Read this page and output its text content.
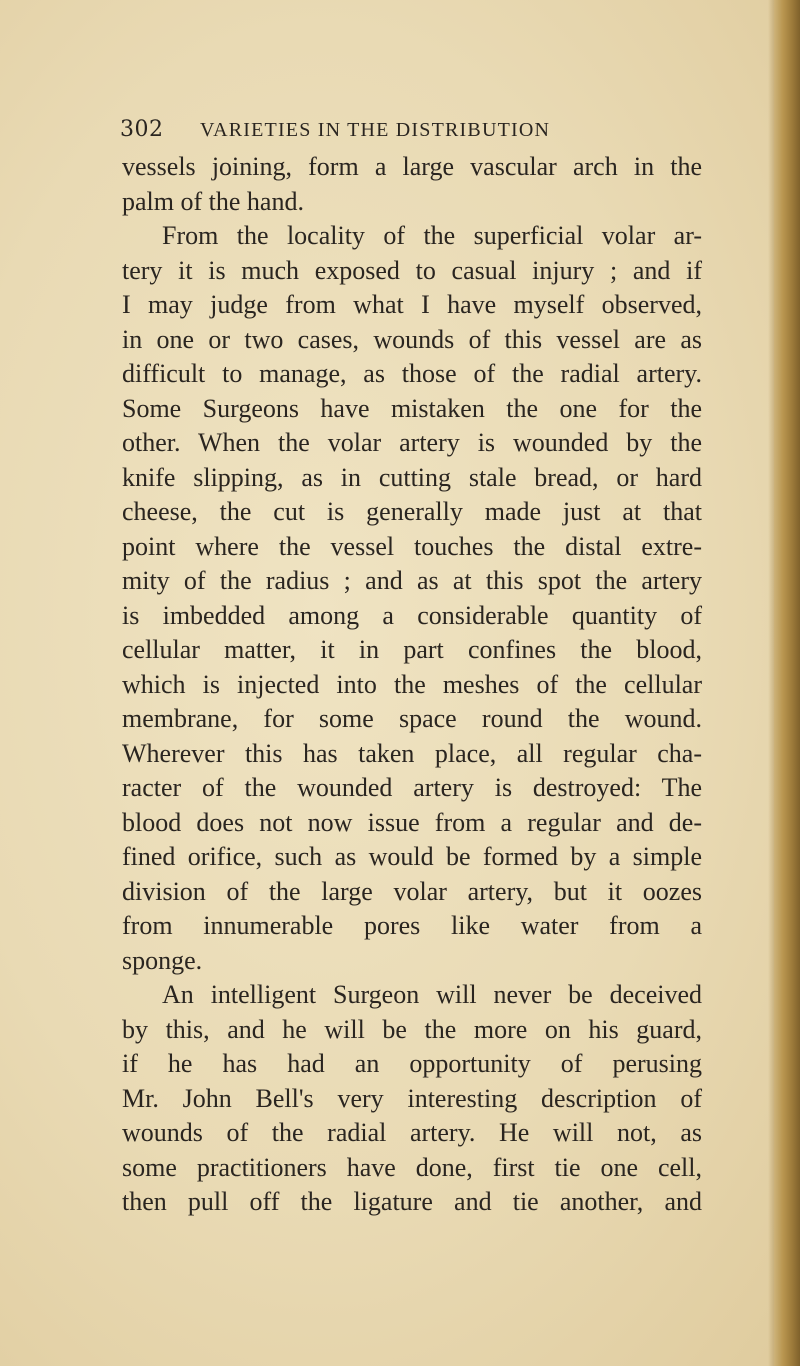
302	VARIETIES IN THE DISTRIBUTION
vessels joining, form a large vascular arch in the
palm of the hand.
From the locality of the superficial volar ar-
tery it is much exposed to casual injury ; and if
I may judge from what I have myself observed,
in one or two cases, wounds of this vessel are as
difficult to manage, as those of the radial artery.
Some Surgeons have mistaken the one for the
other. When the volar artery is wounded by the
knife slipping, as in cutting stale bread, or hard
cheese, the cut is generally made just at that
point where the vessel touches the distal extre-
mity of the radius ; and as at this spot the artery
is imbedded among a considerable quantity of
cellular matter, it in part confines the blood,
which is injected into the meshes of the cellular
membrane, for some space round the wound.
Wherever this has taken place, all regular cha-
racter of the wounded artery is destroyed: The
blood does not now issue from a regular and de-
fined orifice, such as would be formed by a simple
division of the large volar artery, but it oozes
from innumerable pores like water from a
sponge.
An intelligent Surgeon will never be deceived
by this, and he will be the more on his guard,
if he has had an opportunity of perusing
Mr. John Bell's very interesting description of
wounds of the radial artery. He will not, as
some practitioners have done, first tie one cell,
then pull off the ligature and tie another, and
